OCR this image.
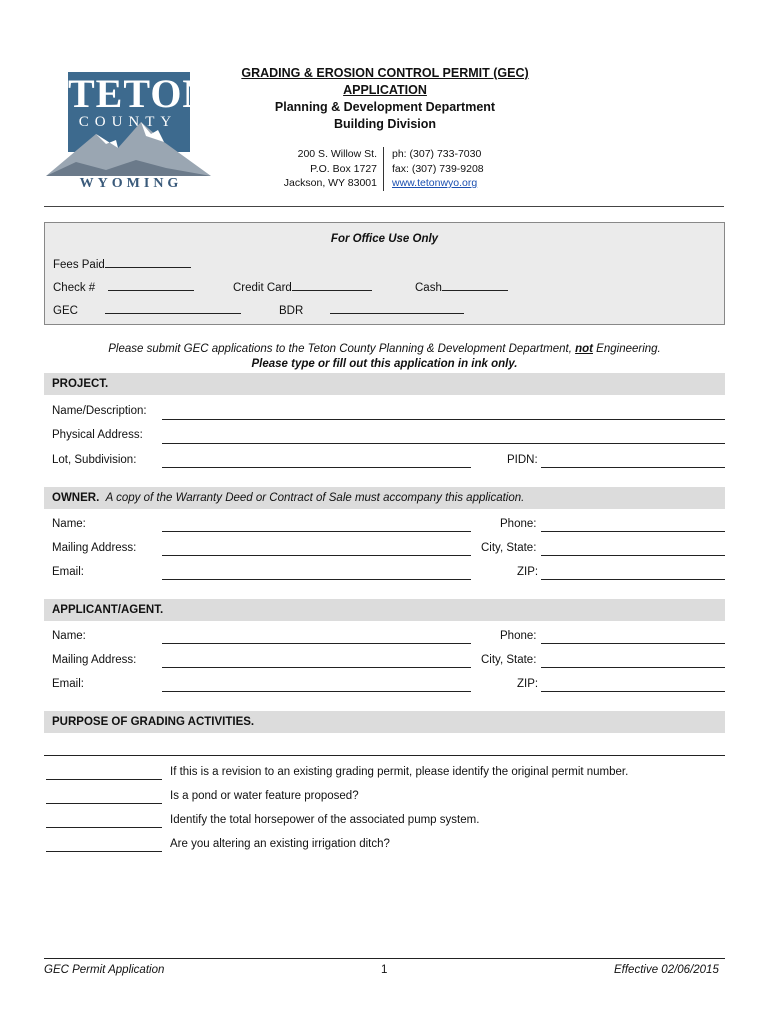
TETON
COUNTY
WYOMING
GRADING & EROSION CONTROL PERMIT (GEC)
APPLICATION
Planning & Development Department
Building Division
200 S. Willow St.
P.O. Box 1727
Jackson, WY 83001
ph: (307) 733-7030
fax: (307) 739-9208
www.tetonwyo.org
For Office Use Only
Fees Paid
Check #	Credit Card	Cash
GEC	BDR
Please submit GEC applications to the Teton County Planning & Development Department, not Engineering.
Please type or fill out this application in ink only.
PROJECT.
Name/Description:
Physical Address:
Lot, Subdivision:	PIDN:
OWNER. A copy of the Warranty Deed or Contract of Sale must accompany this application.
Name:	Phone:
Mailing Address:	City, State:
Email:	ZIP:
APPLICANT/AGENT.
Name:	Phone:
Mailing Address:	City, State:
Email:	ZIP:
PURPOSE OF GRADING ACTIVITIES.
If this is a revision to an existing grading permit, please identify the original permit number.
Is a pond or water feature proposed?
Identify the total horsepower of the associated pump system.
Are you altering an existing irrigation ditch?
GEC Permit Application	1	Effective 02/06/2015
